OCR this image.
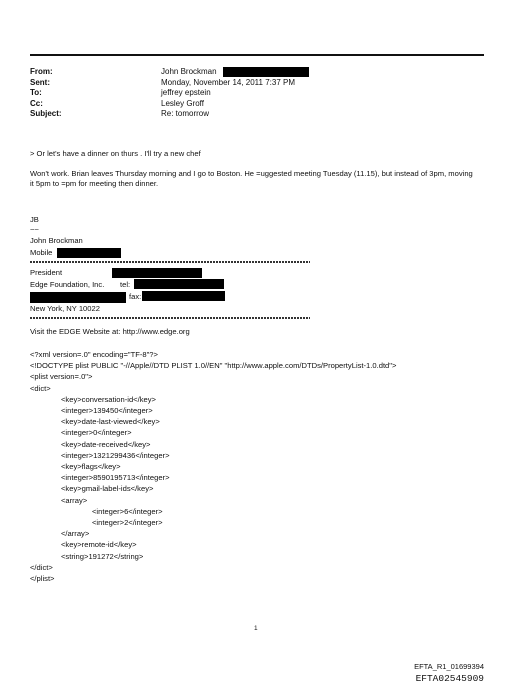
From:	John Brockman
Sent:	Monday, November 14, 2011 7:37 PM
To:	jeffrey epstein
Cc:	Lesley Groff
Subject:	Re: tomorrow
> Or let's have a dinner on thurs . I'll try a new chef
Won't work. Brian leaves Thursday morning and I go to Boston. He =uggested meeting Tuesday (11.15), but instead of 3pm, moving it 5pm to =pm for meeting then dinner.
JB
~~
John Brockman
Mobile
President
Edge Foundation, Inc. tel:
fax:
New York, NY 10022
Visit the EDGE Website at: http://www.edge.org
<?xml version=.0" encoding="TF-8"?>
<!DOCTYPE plist PUBLIC "-//Apple//DTD PLIST 1.0//EN" "http://www.apple.com/DTDs/PropertyList-1.0.dtd">
<plist version=.0">
<dict>
<key>conversation-id</key>
<integer>139450</integer>
<key>date-last-viewed</key>
<integer>0</integer>
<key>date-received</key>
<integer>1321299436</integer>
<key>flags</key>
<integer>8590195713</integer>
<key>gmail-label-ids</key>
<array>
<integer>6</integer>
<integer>2</integer>
</array>
<key>remote-id</key>
<string>191272</string>
</dict>
</plist>
1
EFTA_R1_01699394
EFTA02545909
